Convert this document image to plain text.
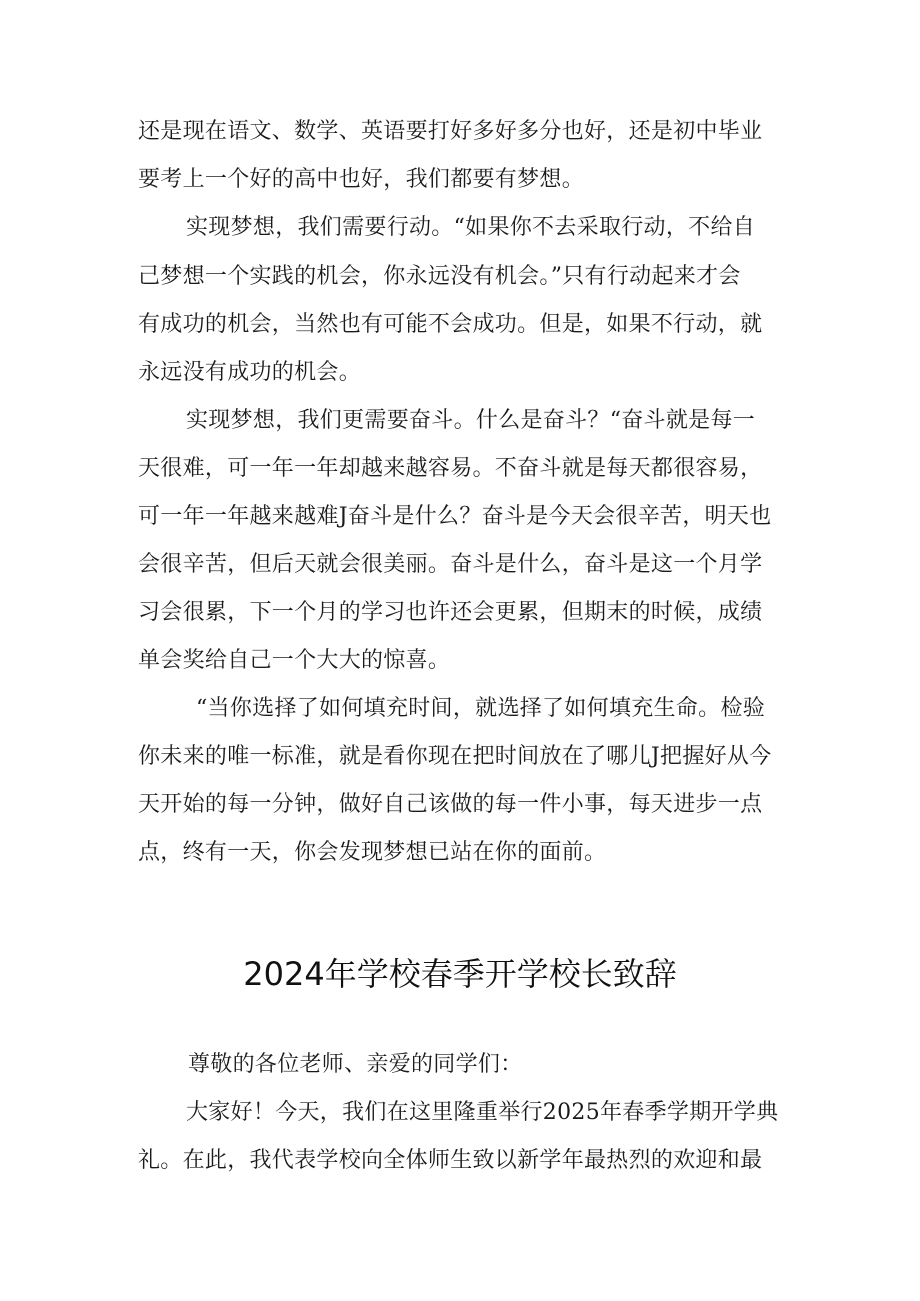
还是现在语文、数学、英语要打好多好多分也好，还是初中毕业
要考上一个好的高中也好，我们都要有梦想。
实现梦想，我们需要行动。“如果你不去采取行动，不给自
己梦想一个实践的机会，你永远没有机会。”只有行动起来才会
有成功的机会，当然也有可能不会成功。但是，如果不行动，就
永远没有成功的机会。
实现梦想，我们更需要奋斗。什么是奋斗？“奋斗就是每一
天很难，可一年一年却越来越容易。不奋斗就是每天都很容易，
可一年一年越来越难J奋斗是什么？奋斗是今天会很辛苦，明天也
会很辛苦，但后天就会很美丽。奋斗是什么，奋斗是这一个月学
习会很累，下一个月的学习也许还会更累，但期末的时候，成绩
单会奖给自己一个大大的惊喜。
“当你选择了如何填充时间，就选择了如何填充生命。检验
你未来的唯一标准，就是看你现在把时间放在了哪儿J把握好从今
天开始的每一分钟，做好自己该做的每一件小事，每天进步一点
点，终有一天，你会发现梦想已站在你的面前。
2024年学校春季开学校长致辞
尊敬的各位老师、亲爱的同学们：
大家好！今天，我们在这里隆重举行2025年春季学期开学典
礼。在此，我代表学校向全体师生致以新学年最热烈的欢迎和最
